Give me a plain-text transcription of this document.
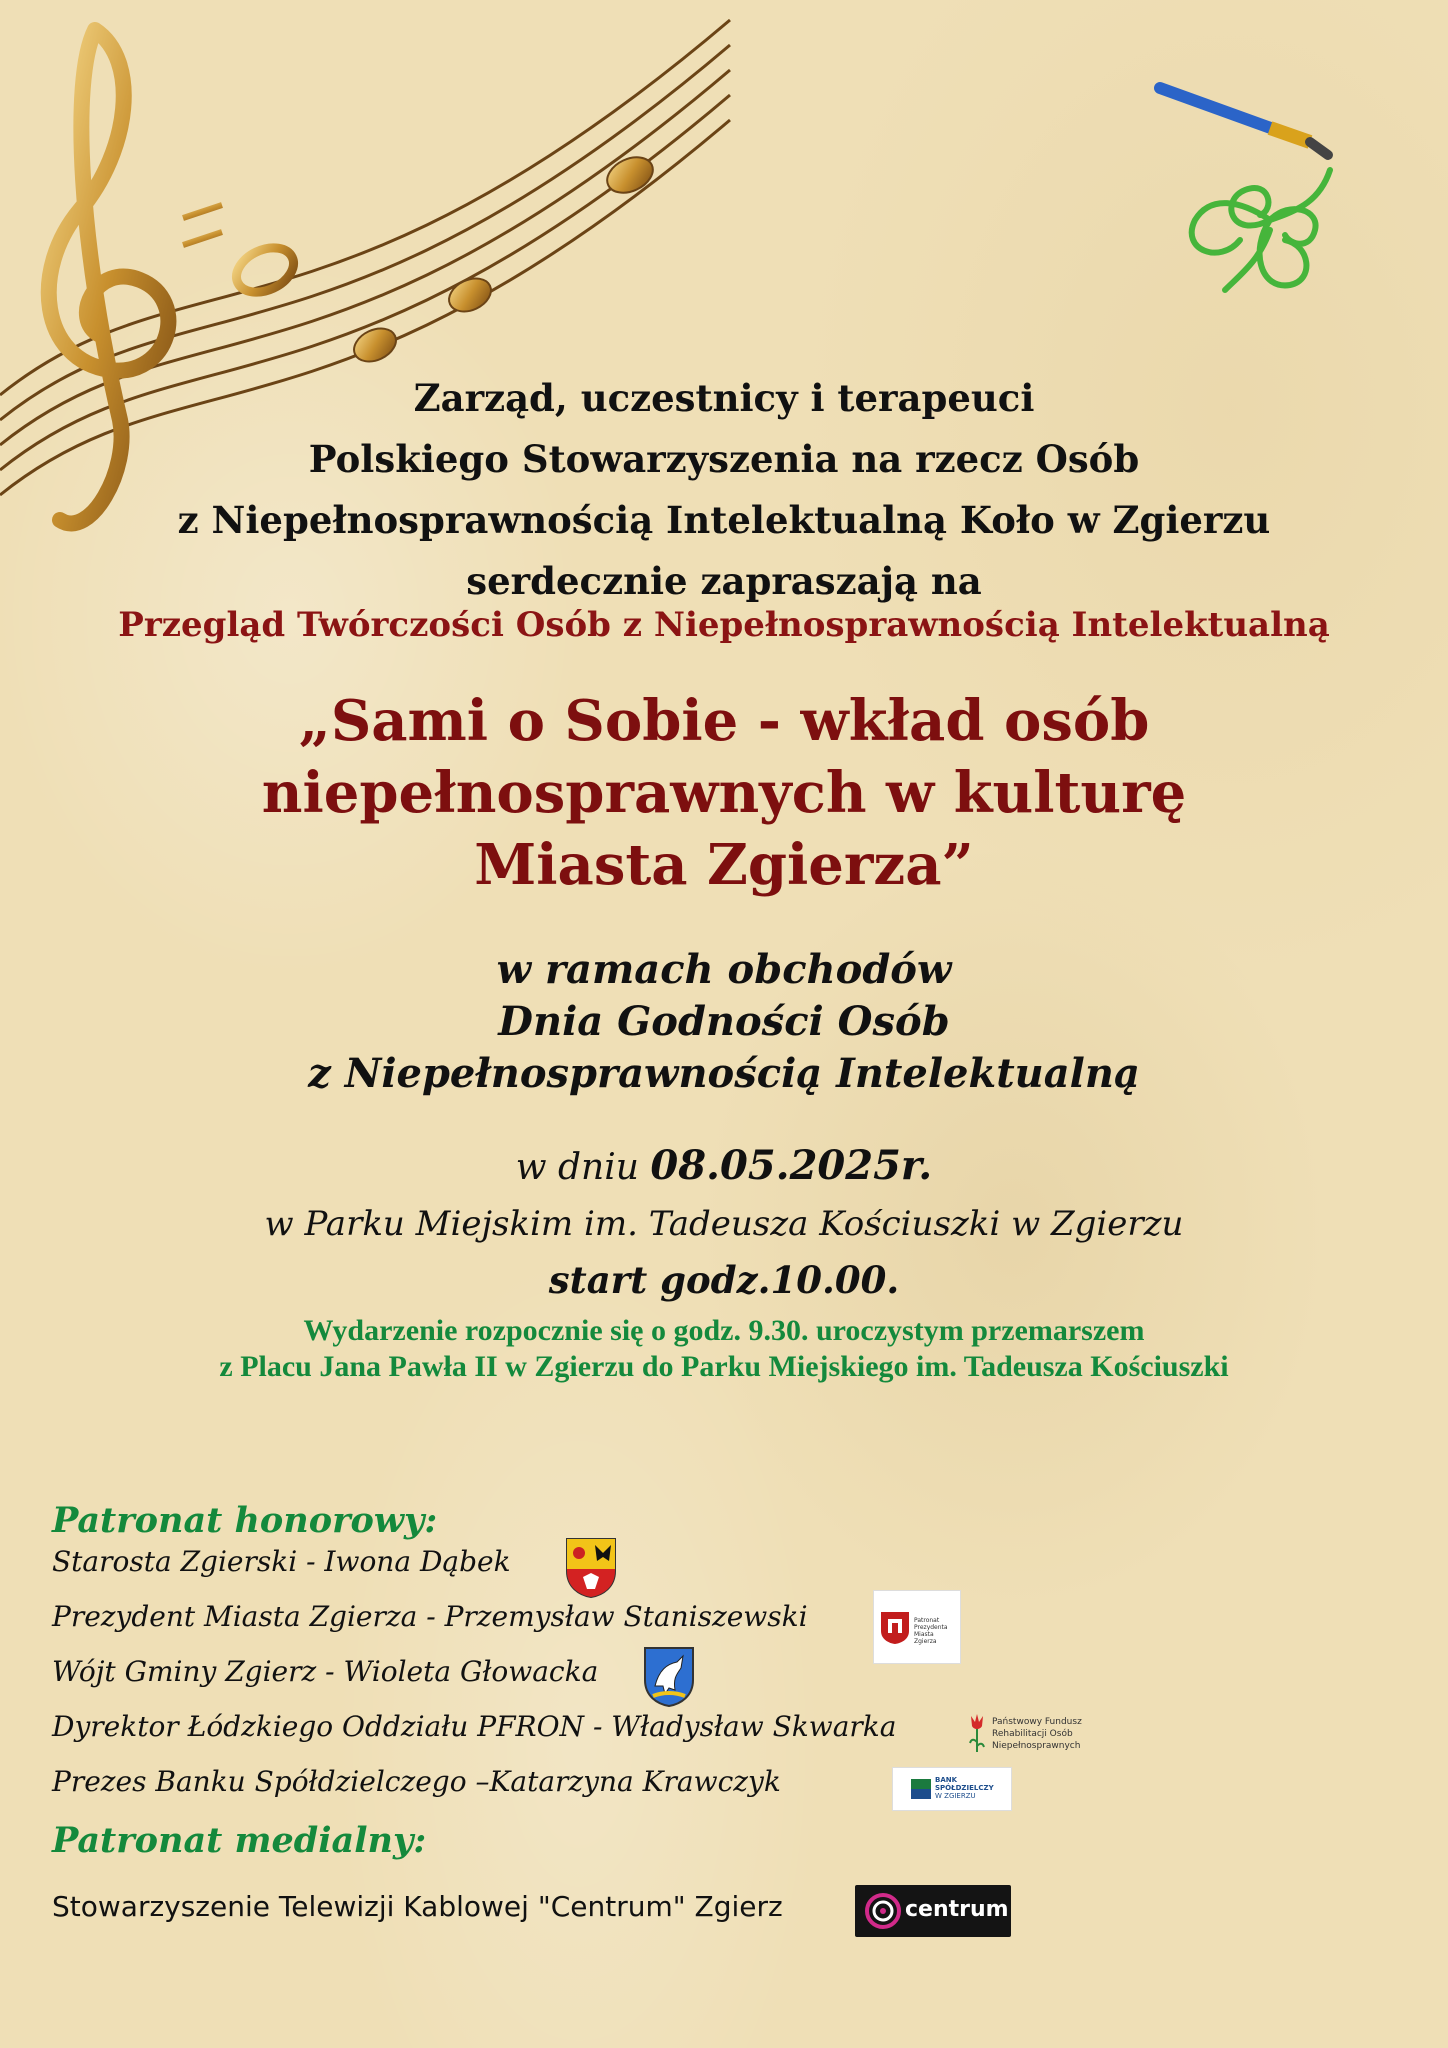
Zarząd, uczestnicy i terapeuci
Polskiego Stowarzyszenia na rzecz Osób
z Niepełnosprawnością Intelektualną Koło w Zgierzu
serdecznie zapraszają na
Przegląd Twórczości Osób z Niepełnosprawnością Intelektualną
„Sami o Sobie - wkład osób
niepełnosprawnych w kulturę
Miasta Zgierza”
w ramach obchodów
Dnia Godności Osób
z Niepełnosprawnością Intelektualną
w dniu 08.05.2025r.
w Parku Miejskim im. Tadeusza Kościuszki w Zgierzu
start godz.10.00.
Wydarzenie rozpocznie się o godz. 9.30. uroczystym przemarszem
z Placu Jana Pawła II w Zgierzu do Parku Miejskiego im. Tadeusza Kościuszki
Patronat honorowy:
Starosta Zgierski - Iwona Dąbek
Prezydent Miasta Zgierza - Przemysław Staniszewski
Wójt Gminy Zgierz - Wioleta Głowacka
Dyrektor Łódzkiego Oddziału PFRON - Władysław Skwarka
Prezes Banku Spółdzielczego –Katarzyna Krawczyk
Patronat Prezydenta Miasta Zgierza
Państwowy Fundusz
Rehabilitacji Osób
Niepełnosprawnych
BANK
SPÓŁDZIELCZY
W ZGIERZU
Patronat medialny:
Stowarzyszenie Telewizji Kablowej "Centrum" Zgierz	centrum
